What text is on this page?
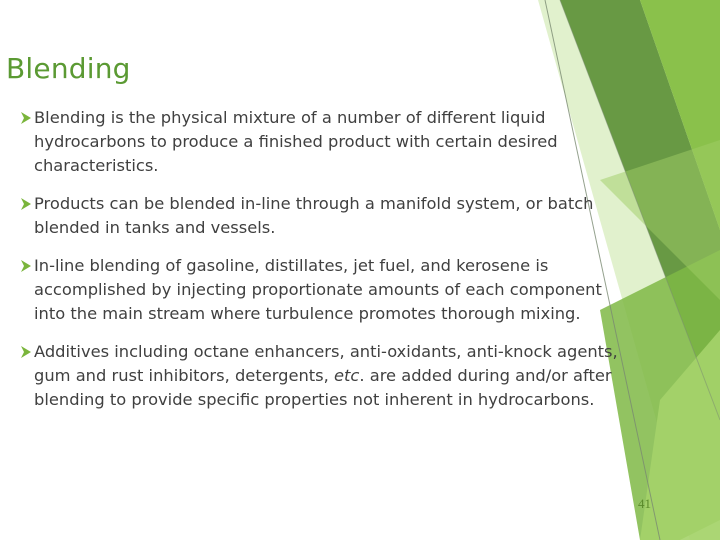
Blending
Blending is the physical mixture of a number of different liquid hydrocarbons to produce a finished product with certain desired characteristics.
Products can be blended in-line through a manifold system, or batch blended in tanks and vessels.
In-line blending of gasoline, distillates, jet fuel, and kerosene is accomplished by injecting proportionate amounts of each component into the main stream where turbulence promotes thorough mixing.
Additives including octane enhancers, anti-oxidants, anti-knock agents, gum and rust inhibitors, detergents, etc. are added during and/or after blending to provide specific properties not inherent in hydrocarbons.
41
